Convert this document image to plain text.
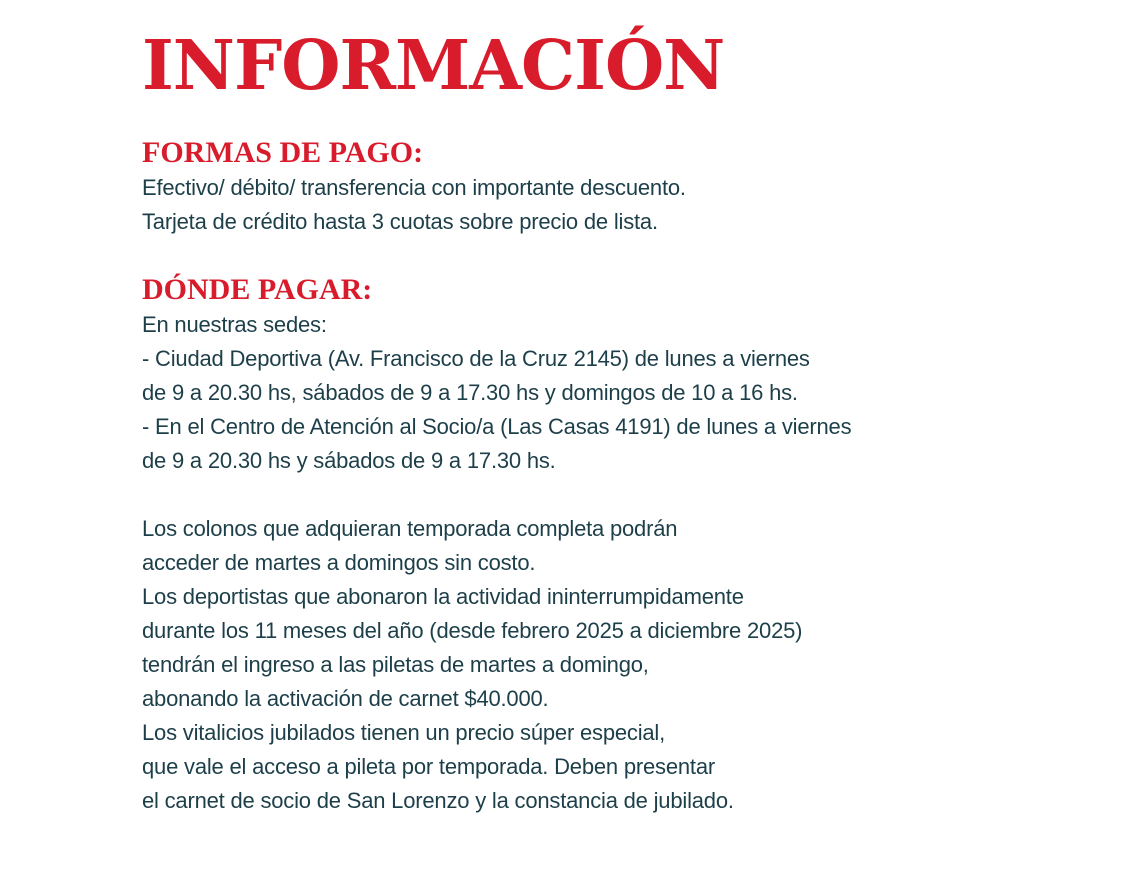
INFORMACIÓN
FORMAS DE PAGO:

Efectivo/ débito/ transferencia con importante descuento.

Tarjeta de crédito hasta 3 cuotas sobre precio de lista.

DÓNDE PAGAR:

En nuestras sedes:

- Ciudad Deportiva (Av. Francisco de la Cruz 2145) de lunes a viernes

de 9 a 20.30 hs, sábados de 9 a 17.30 hs y domingos de 10 a 16 hs.

- En el Centro de Atención al Socio/a (Las Casas 4191) de lunes a viernes

de 9 a 20.30 hs y sábados de 9 a 17.30 hs.

Los colonos que adquieran temporada completa podrán

acceder de martes a domingos sin costo.

Los deportistas que abonaron la actividad ininterrumpidamente

durante los 11 meses del año (desde febrero 2025 a diciembre 2025)

tendrán el ingreso a las piletas de martes a domingo,

abonando la activación de carnet $40.000.

Los vitalicios jubilados tienen un precio súper especial,

que vale el acceso a pileta por temporada. Deben presentar

el carnet de socio de San Lorenzo y la constancia de jubilado.
